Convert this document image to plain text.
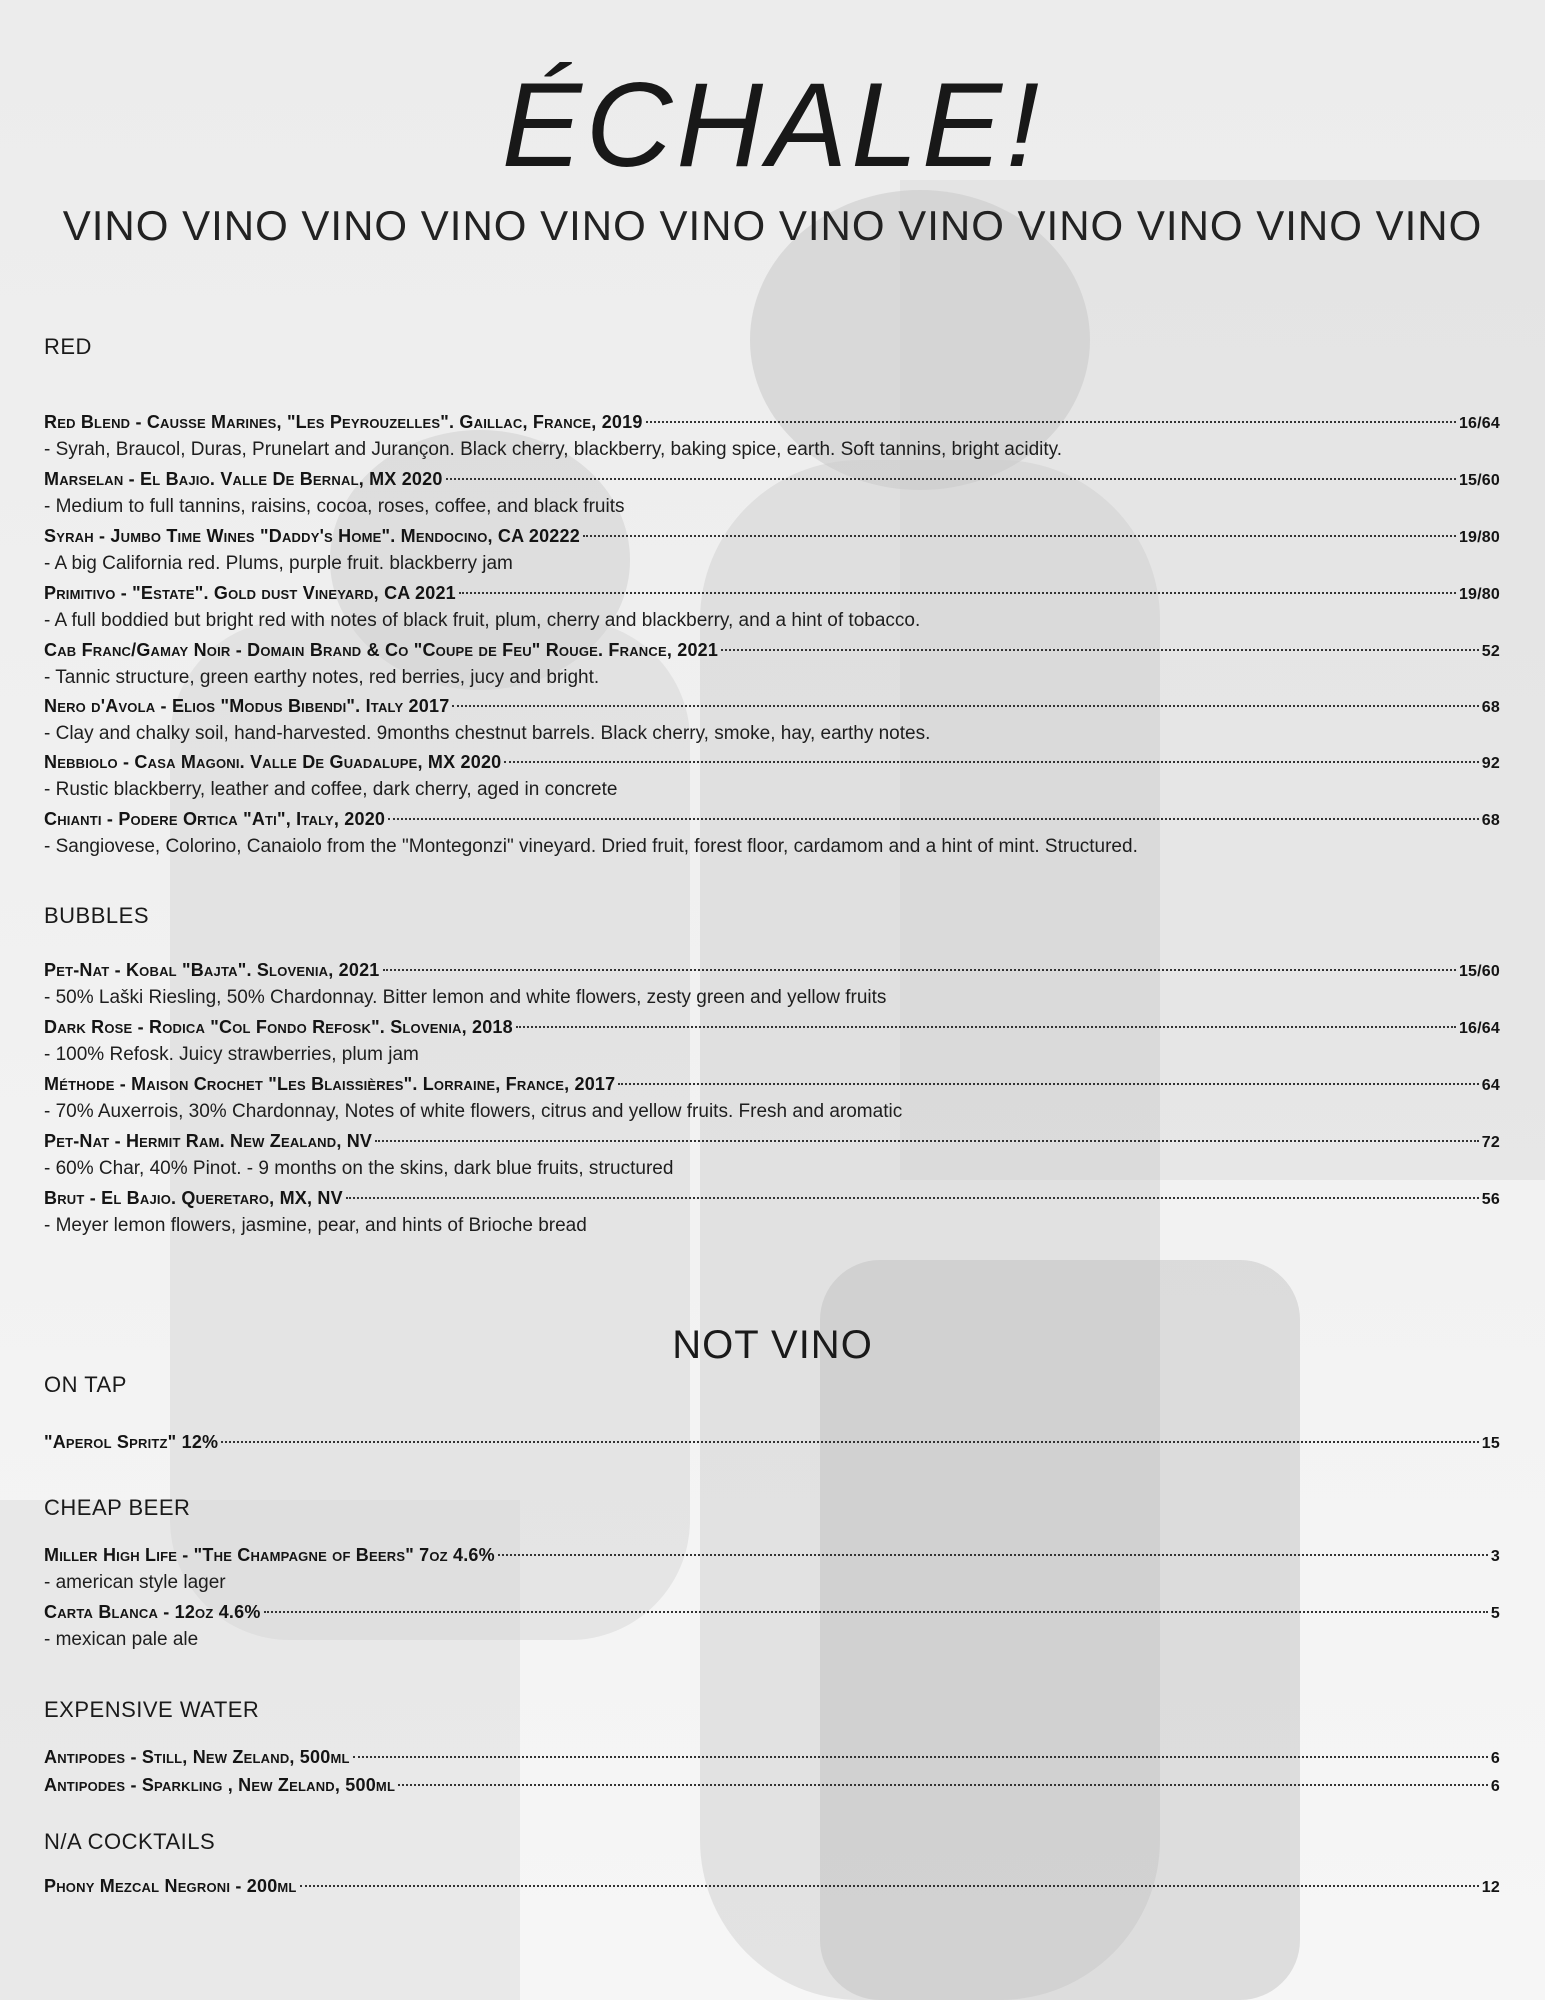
ÉCHALE!
VINO VINO VINO VINO VINO VINO VINO VINO VINO VINO VINO VINO
RED
Red Blend - Causse Marines, "Les Peyrouzelles". Gaillac, France, 2019	16/64
- Syrah, Braucol, Duras, Prunelart and Jurançon. Black cherry, blackberry, baking spice, earth. Soft tannins, bright acidity.
Marselan - El Bajio. Valle De Bernal, MX 2020	15/60
- Medium to full tannins, raisins, cocoa, roses, coffee, and black fruits
Syrah - Jumbo Time Wines "Daddy's Home". Mendocino, CA 20222	19/80
- A big California red. Plums, purple fruit. blackberry jam
Primitivo - "Estate". Gold dust Vineyard, CA 2021	19/80
- A full boddied but bright red with notes of black fruit, plum, cherry and blackberry, and a hint of tobacco.
Cab Franc/Gamay Noir - Domain Brand & Co "Coupe de Feu" Rouge. France, 2021	52
- Tannic structure, green earthy notes, red berries, jucy and bright.
Nero d'Avola - Elios "Modus Bibendi". Italy 2017	68
- Clay and chalky soil, hand-harvested. 9months chestnut barrels. Black cherry, smoke, hay, earthy notes.
Nebbiolo - Casa Magoni. Valle De Guadalupe, MX 2020	92
- Rustic blackberry, leather and coffee, dark cherry, aged in concrete
Chianti - Podere Ortica "Ati", Italy, 2020	68
- Sangiovese, Colorino, Canaiolo from the "Montegonzi" vineyard. Dried fruit, forest floor, cardamom and a hint of mint. Structured.
BUBBLES
Pet-Nat - Kobal "Bajta". Slovenia, 2021	15/60
- 50% Laški Riesling, 50% Chardonnay. Bitter lemon and white flowers, zesty green and yellow fruits
Dark Rose - Rodica "Col Fondo Refosk". Slovenia, 2018	16/64
- 100% Refosk. Juicy strawberries, plum jam
Méthode - Maison Crochet "Les Blaissières". Lorraine, France, 2017	64
- 70% Auxerrois, 30% Chardonnay, Notes of white flowers, citrus and yellow fruits. Fresh and aromatic
Pet-Nat - Hermit Ram. New Zealand, NV	72
- 60% Char, 40% Pinot. - 9 months on the skins, dark blue fruits, structured
Brut - El Bajio. Queretaro, MX, NV	56
- Meyer lemon flowers, jasmine, pear, and hints of Brioche bread
NOT VINO
ON TAP
"Aperol Spritz" 12%	15
CHEAP BEER
Miller High Life - "The Champagne of Beers" 7oz 4.6%	3
- american style lager
Carta Blanca - 12oz 4.6%	5
- mexican pale ale
EXPENSIVE WATER
Antipodes - Still, New Zeland, 500ml	6
Antipodes - Sparkling , New Zeland, 500ml	6
N/A COCKTAILS
Phony Mezcal Negroni - 200ml	12
